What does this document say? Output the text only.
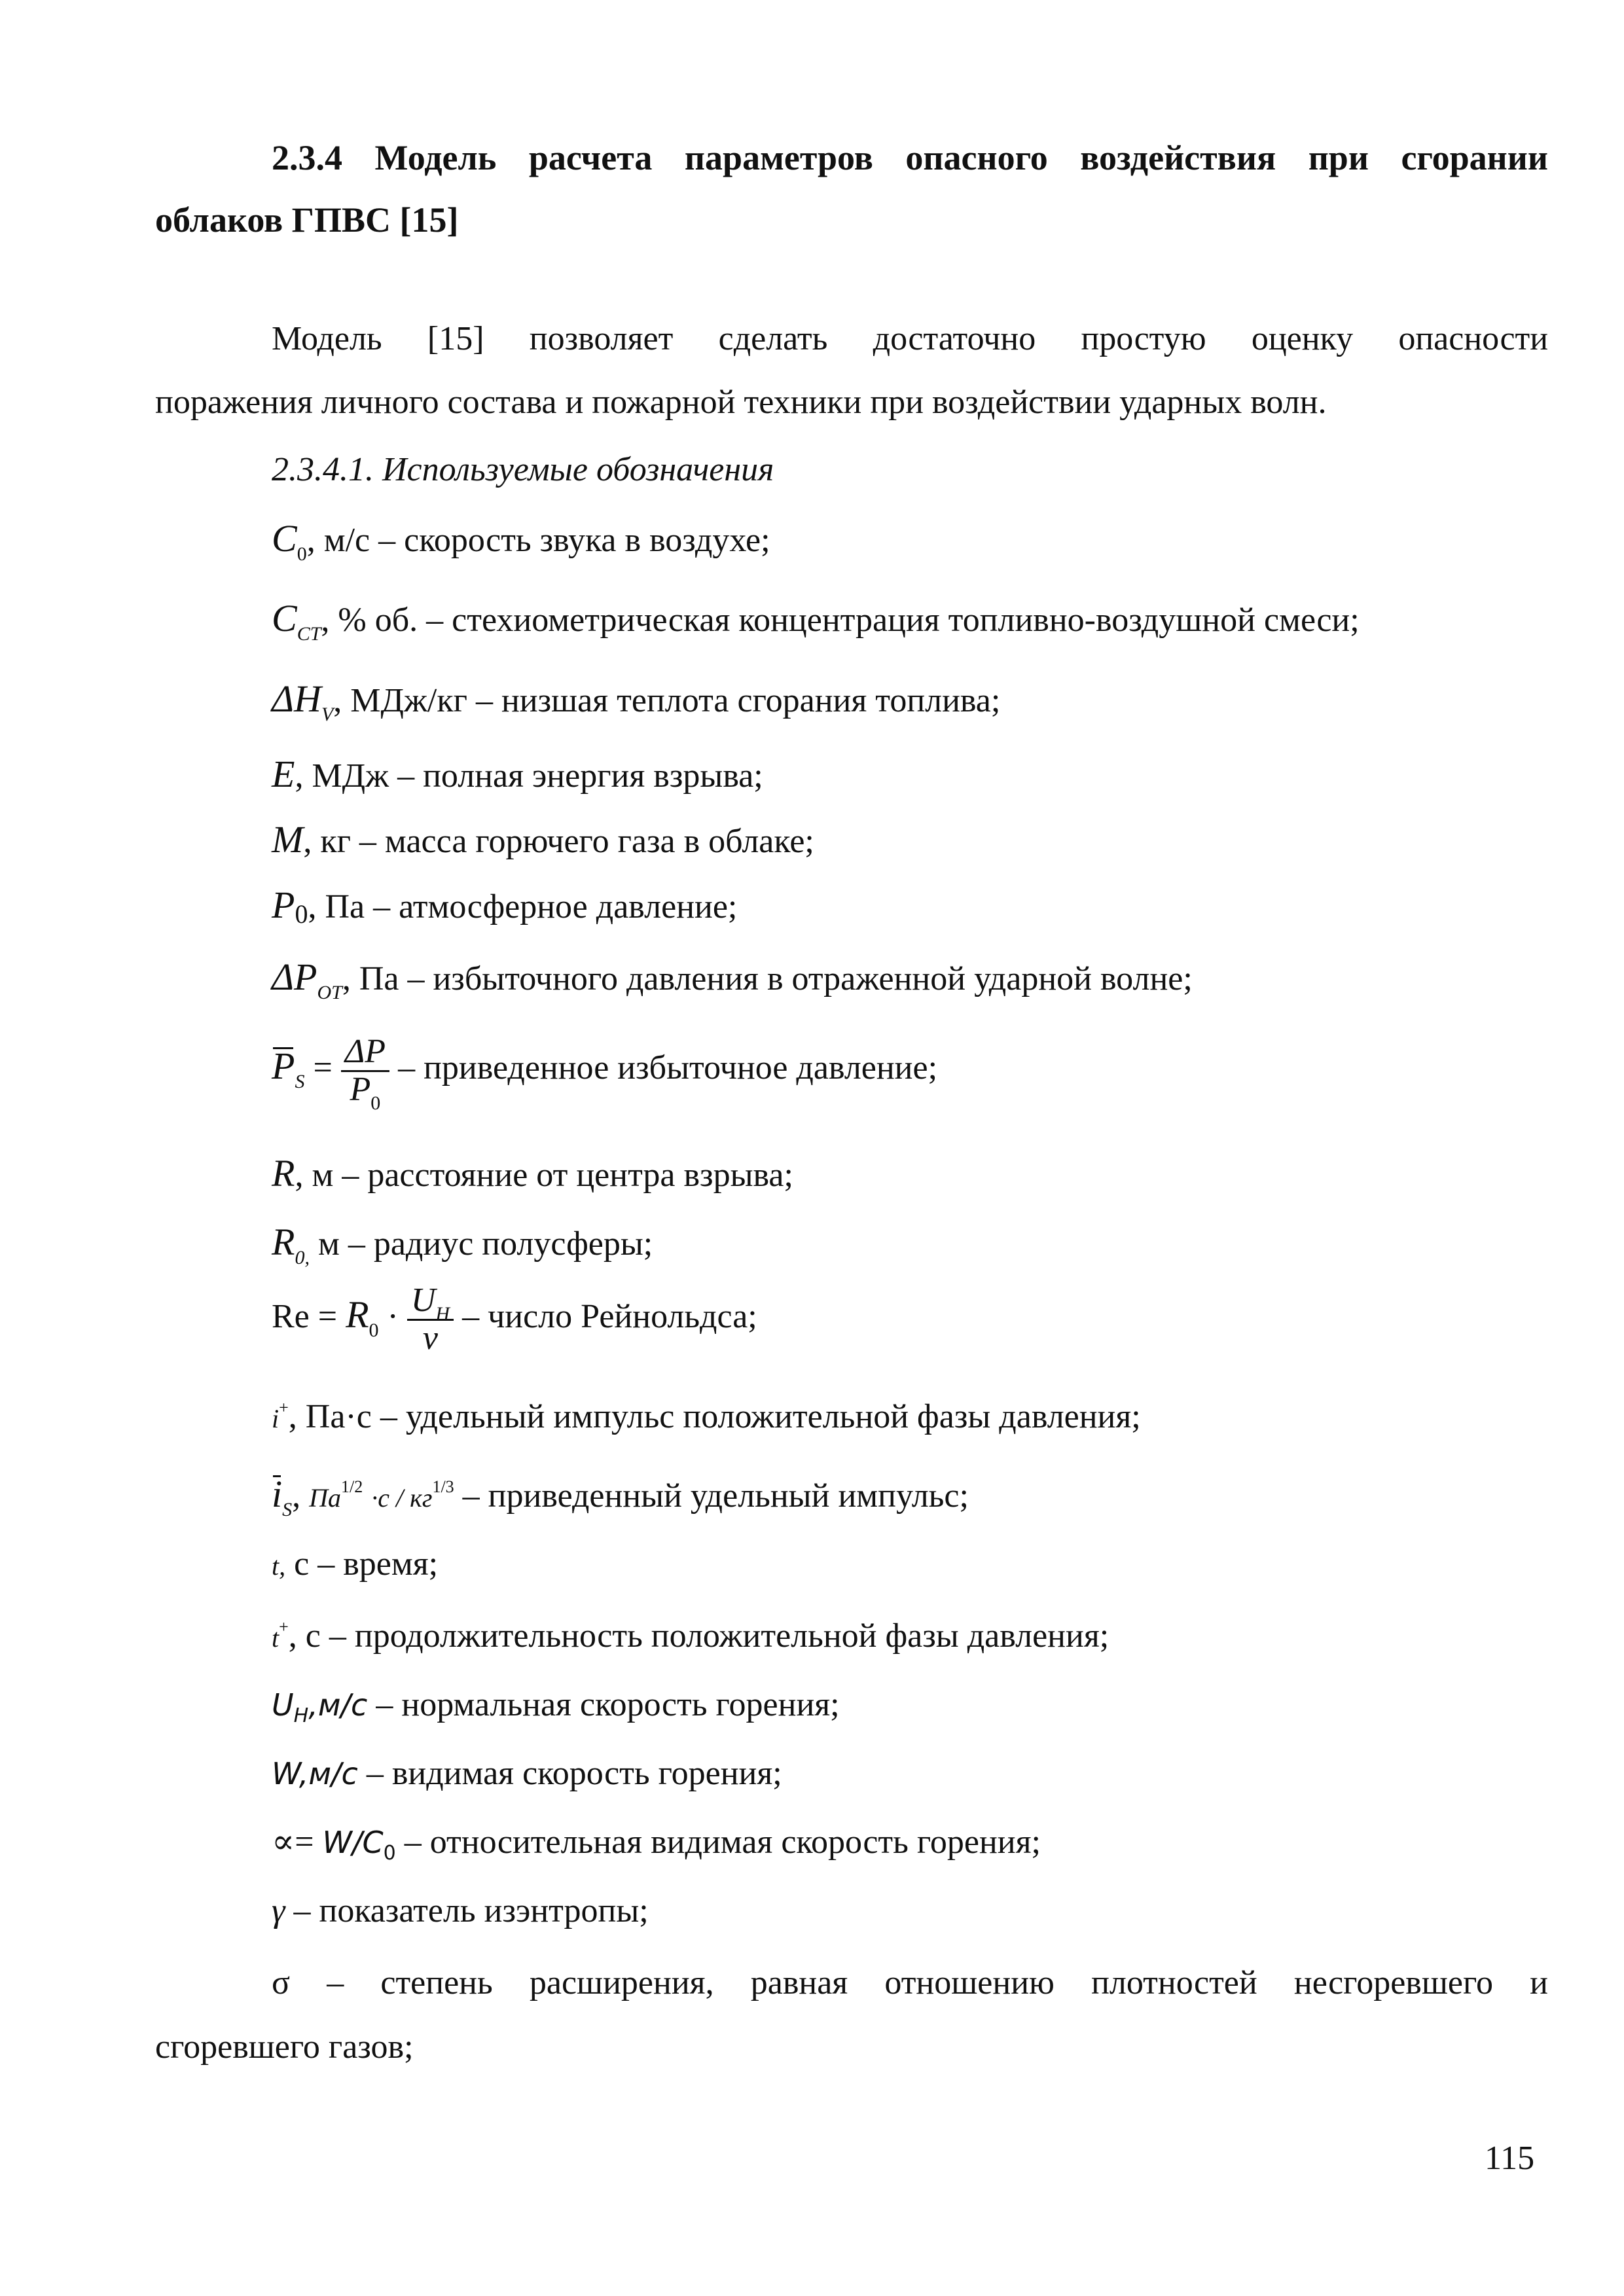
2.3.4 Модель расчета параметров опасного воздействия при сгорании
облаков ГПВС [15]
Модель [15] позволяет сделать достаточно простую оценку опасности
поражения личного состава и пожарной техники при воздействии ударных волн.
2.3.4.1. Используемые обозначения
$C_0$, м/с – скорость звука в воздухе;
$C_{CT}$, % об. – стехиометрическая концентрация топливно-воздушной смеси;
$\Delta H_V$, МДж/кг – низшая теплота сгорания топлива;
E, МДж – полная энергия взрыва;
M, кг – масса горючего газа в облаке;
P0, Па – атмосферное давление;
$\Delta P_{OT}$, Па – избыточного давления в отраженной ударной волне;
$P_S = \frac{\Delta P}{P_0}$ – приведенное избыточное давление;
R, м – расстояние от центра взрыва;
$R_{0,}$ м – радиус полусферы;
$Re = R_0 \cdot \frac{U_H}{\nu}$ – число Рейнольдса;
i+, Па·с – удельный импульс положительной фазы давления;
$i_S$, $Па^{1/2} \cdot с / кг^{1/3}$ – приведенный удельный импульс;
t, с – время;
t+, с – продолжительность положительной фазы давления;
UH,м/с – нормальная скорость горения;
W,м/с – видимая скорость горения;
∝= W/C0 – относительная видимая скорость горения;
γ – показатель изэнтропы;
σ – степень расширения, равная отношению плотностей несгоревшего и
сгоревшего газов;
115
